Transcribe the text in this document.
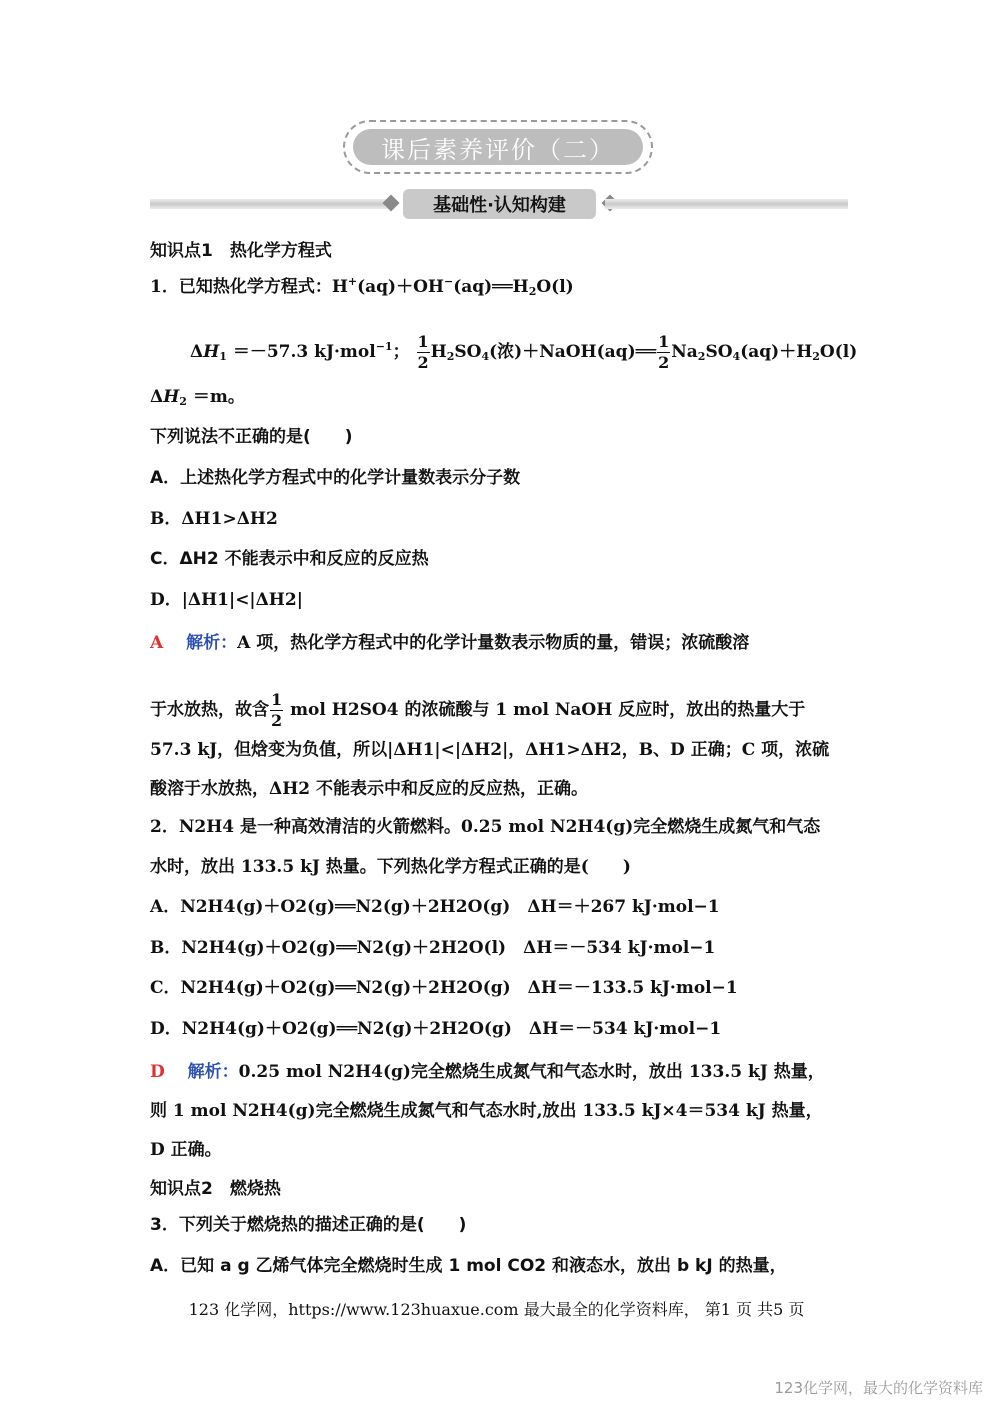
课后素养评价（二）
基础性·认知构建
知识点1　热化学方程式
1．已知热化学方程式：$H^+(aq)+OH^-(aq)══H_2O(l)$
$\Delta H_1 =-57.3$ kJ·mol$^{-1}$； $\frac{1}{2} H_2SO_4$(浓)＋NaOH(aq)══ $\frac{1}{2} Na_2SO_4(aq)+H_2O(l)$
$\Delta H_2 =m$。
下列说法不正确的是(　　)
A．上述热化学方程式中的化学计量数表示分子数
B．ΔH1>ΔH2
C．ΔH2 不能表示中和反应的反应热
D．|ΔH1|<|ΔH2|
A　 解析：A 项，热化学方程式中的化学计量数表示物质的量，错误；浓硫酸溶
于水放热，故含 $\frac{1}{2}$ mol H2SO4 的浓硫酸与 1 mol NaOH 反应时，放出的热量大于
57.3 kJ，但焓变为负值，所以|ΔH1|<|ΔH2|，ΔH1>ΔH2，B、D 正确；C 项，浓硫
酸溶于水放热，ΔH2 不能表示中和反应的反应热，正确。
2．N2H4 是一种高效清洁的火箭燃料。0.25 mol N2H4(g)完全燃烧生成氮气和气态
水时，放出 133.5 kJ 热量。下列热化学方程式正确的是(　　)
A．N2H4(g)＋O2(g)══N2(g)＋2H2O(g)　ΔH＝＋267 kJ·mol−1
B．N2H4(g)＋O2(g)══N2(g)＋2H2O(l)　ΔH＝－534 kJ·mol−1
C．N2H4(g)＋O2(g)══N2(g)＋2H2O(g)　ΔH＝－133.5 kJ·mol−1
D．N2H4(g)＋O2(g)══N2(g)＋2H2O(g)　ΔH＝－534 kJ·mol−1
D　 解析：0.25 mol N2H4(g)完全燃烧生成氮气和气态水时，放出 133.5 kJ 热量，
则 1 mol N2H4(g)完全燃烧生成氮气和气态水时,放出 133.5 kJ×4＝534 kJ 热量，
D 正确。
知识点2　燃烧热
3．下列关于燃烧热的描述正确的是(　　)
A．已知 a g 乙烯气体完全燃烧时生成 1 mol CO2 和液态水，放出 b kJ 的热量，
123 化学网，https://www.123huaxue.com 最大最全的化学资料库， 第1 页 共5 页
123化学网，最大的化学资料库
